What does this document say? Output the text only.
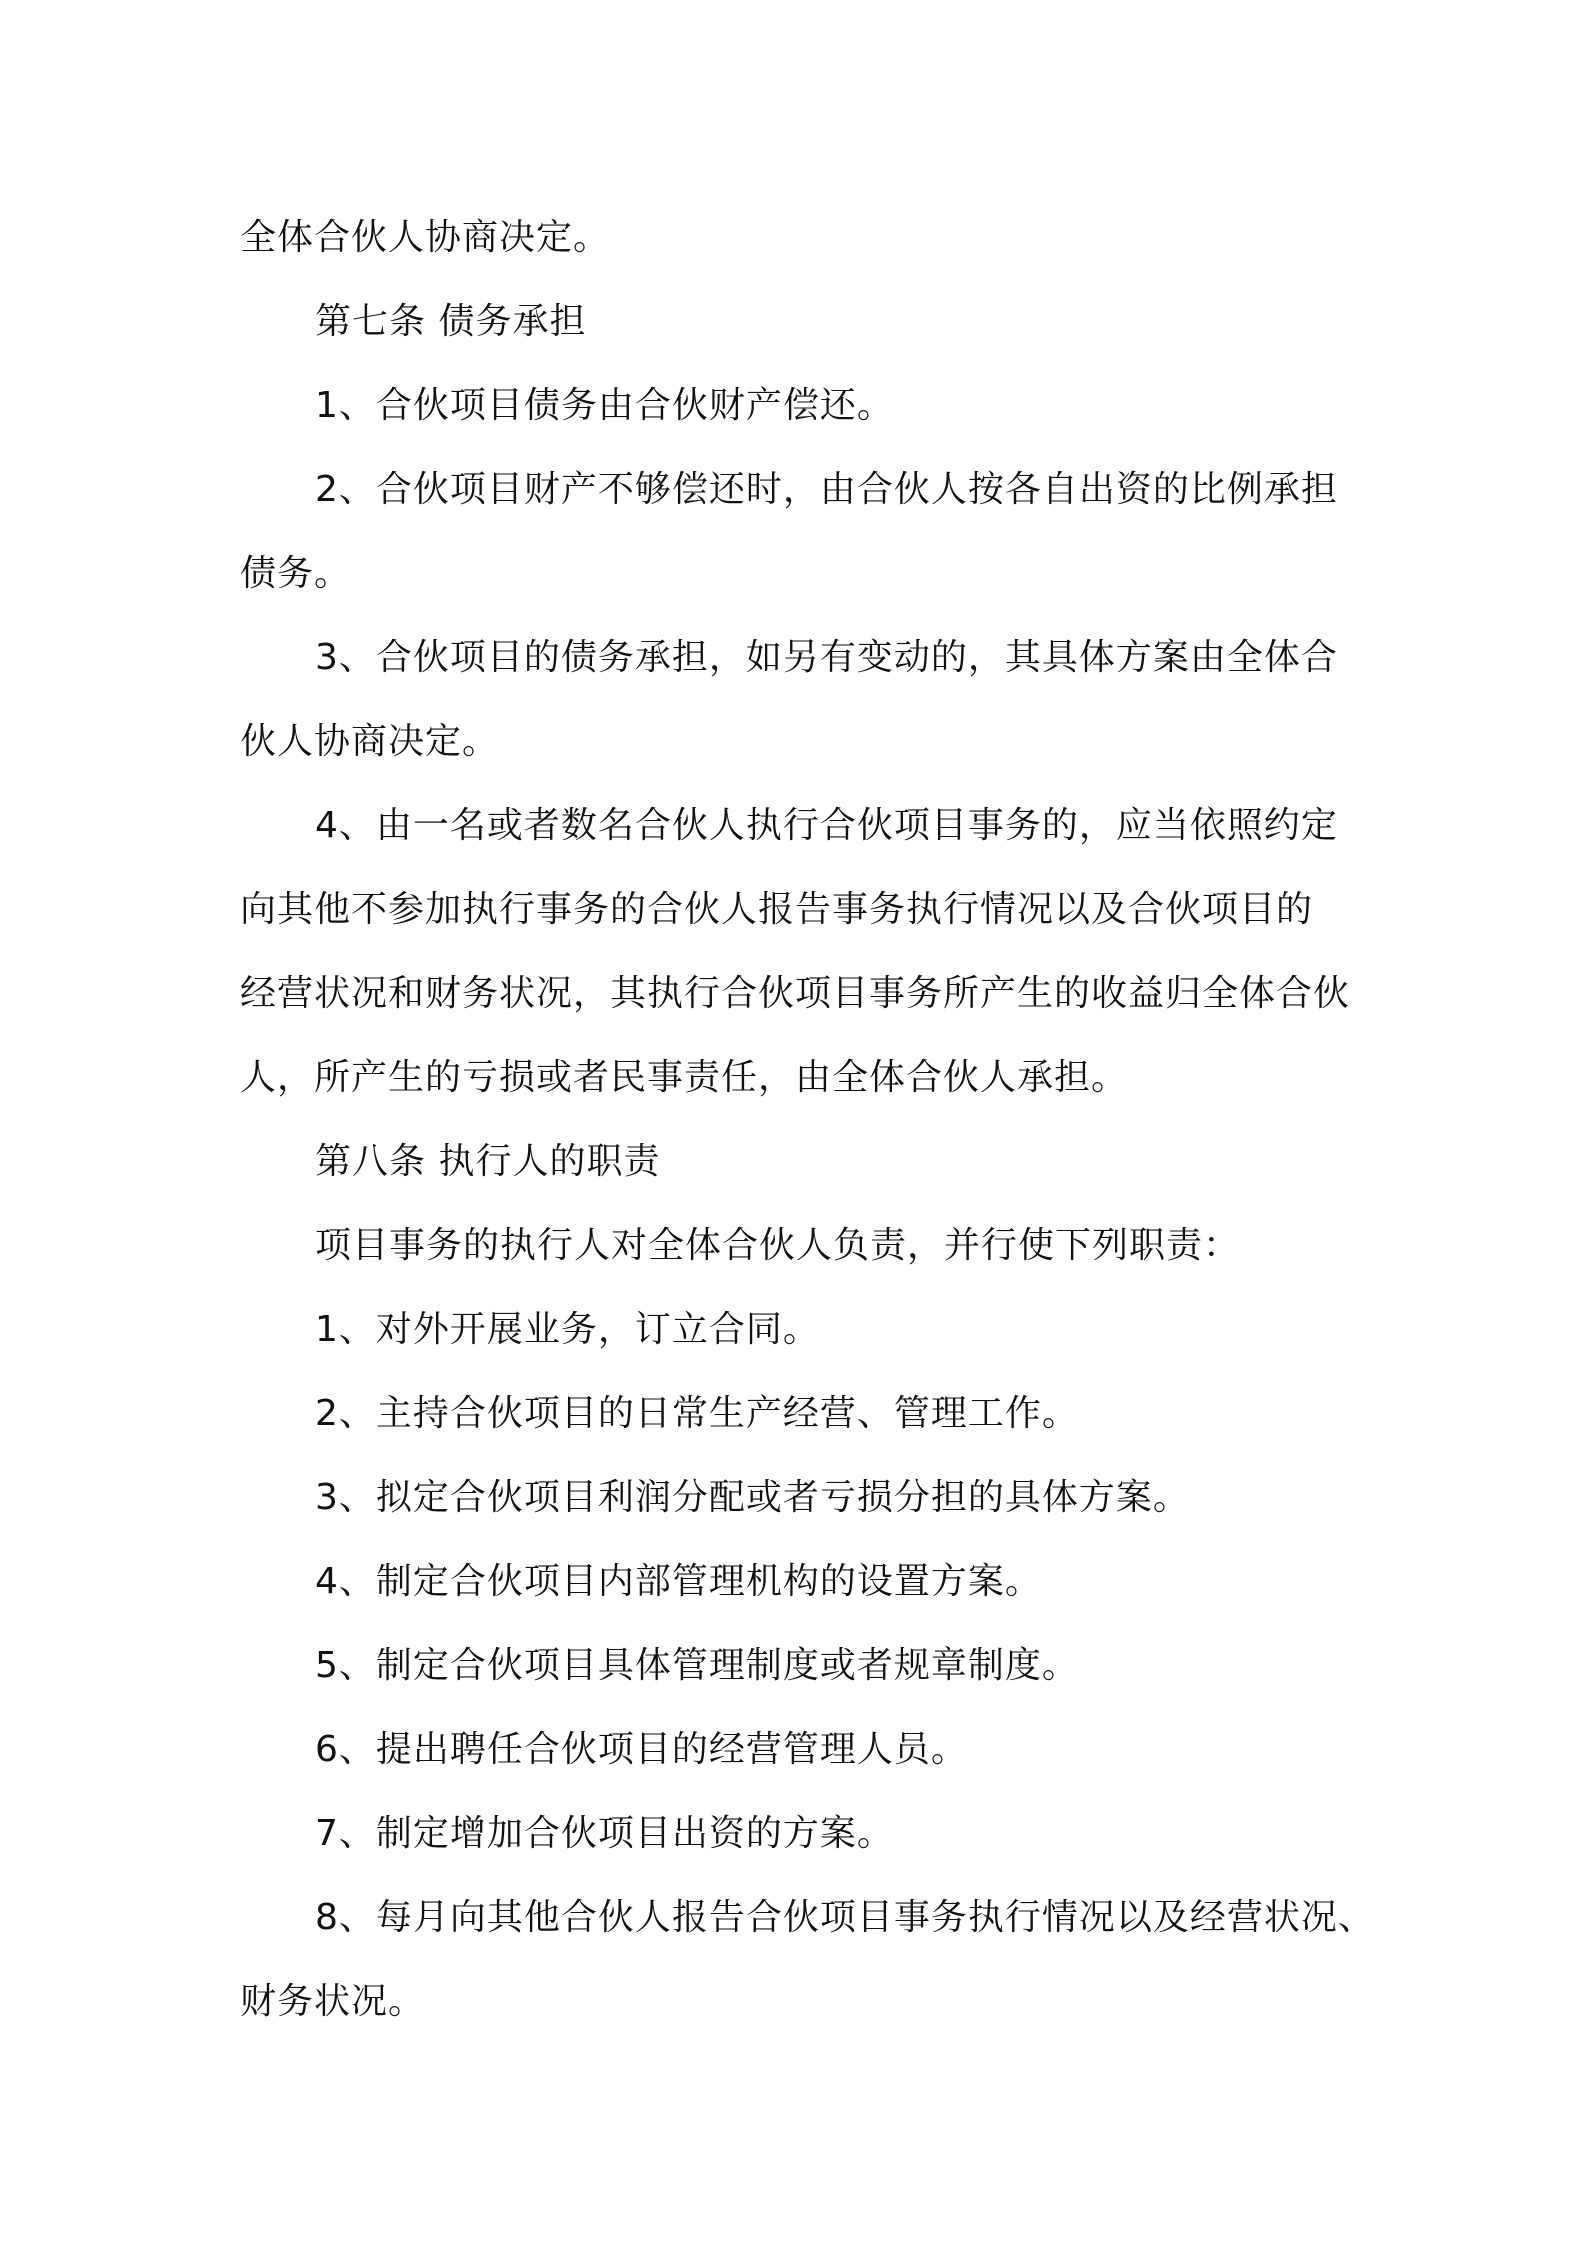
全体合伙人协商决定。
第七条 债务承担
1、合伙项目债务由合伙财产偿还。
2、合伙项目财产不够偿还时，由合伙人按各自出资的比例承担
债务。
3、合伙项目的债务承担，如另有变动的，其具体方案由全体合
伙人协商决定。
4、由一名或者数名合伙人执行合伙项目事务的，应当依照约定
向其他不参加执行事务的合伙人报告事务执行情况以及合伙项目的
经营状况和财务状况，其执行合伙项目事务所产生的收益归全体合伙
人，所产生的亏损或者民事责任，由全体合伙人承担。
第八条 执行人的职责
项目事务的执行人对全体合伙人负责，并行使下列职责：
1、对外开展业务，订立合同。
2、主持合伙项目的日常生产经营、管理工作。
3、拟定合伙项目利润分配或者亏损分担的具体方案。
4、制定合伙项目内部管理机构的设置方案。
5、制定合伙项目具体管理制度或者规章制度。
6、提出聘任合伙项目的经营管理人员。
7、制定增加合伙项目出资的方案。
8、每月向其他合伙人报告合伙项目事务执行情况以及经营状况、
财务状况。
